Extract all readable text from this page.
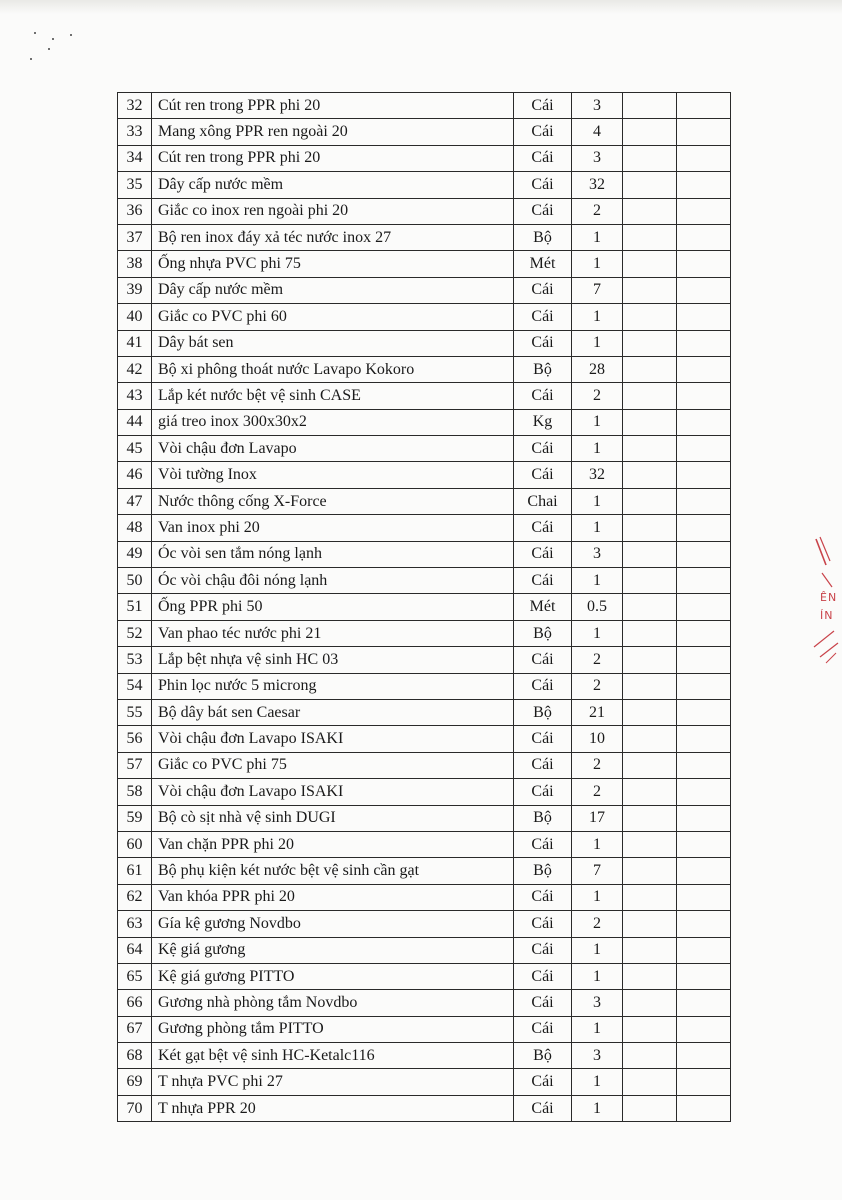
32	Cút ren trong PPR phi 20	Cái	3		
33	Mang xông PPR ren ngoài 20	Cái	4		
34	Cút ren trong PPR phi 20	Cái	3		
35	Dây cấp nước mềm	Cái	32		
36	Giắc co inox ren ngoài phi 20	Cái	2		
37	Bộ ren inox đáy xả téc nước inox 27	Bộ	1		
38	Ống nhựa PVC phi 75	Mét	1		
39	Dây cấp nước mềm	Cái	7		
40	Giắc co PVC phi 60	Cái	1		
41	Dây bát sen	Cái	1		
42	Bộ xi phông thoát nước Lavapo Kokoro	Bộ	28		
43	Lắp két nước bệt vệ sinh CASE	Cái	2		
44	giá treo inox 300x30x2	Kg	1		
45	Vòi chậu đơn Lavapo	Cái	1		
46	Vòi tường Inox	Cái	32		
47	Nước thông cống X-Force	Chai	1		
48	Van inox phi 20	Cái	1		
49	Óc vòi sen tắm nóng lạnh	Cái	3		
50	Óc vòi chậu đôi nóng lạnh	Cái	1		
51	Ống PPR phi 50	Mét	0.5		
52	Van phao téc nước phi 21	Bộ	1		
53	Lắp bệt nhựa vệ sinh HC 03	Cái	2		
54	Phin lọc nước 5 microng	Cái	2		
55	Bộ dây bát sen Caesar	Bộ	21		
56	Vòi chậu đơn Lavapo ISAKI	Cái	10		
57	Giắc co PVC phi 75	Cái	2		
58	Vòi chậu đơn Lavapo ISAKI	Cái	2		
59	Bộ cò sịt nhà vệ sinh DUGI	Bộ	17		
60	Van chặn PPR phi 20	Cái	1		
61	Bộ phụ kiện két nước bệt vệ sinh cần gạt	Bộ	7		
62	Van khóa PPR phi 20	Cái	1		
63	Gía kệ gương Novdbo	Cái	2		
64	Kệ giá gương	Cái	1		
65	Kệ giá gương PITTO	Cái	1		
66	Gương nhà phòng tắm Novdbo	Cái	3		
67	Gương phòng tắm PITTO	Cái	1		
68	Két gạt bệt vệ sinh HC-Ketalc116	Bộ	3		
69	T nhựa PVC phi 27	Cái	1		
70	T nhựa PPR 20	Cái	1		
ÊN
ÍN
